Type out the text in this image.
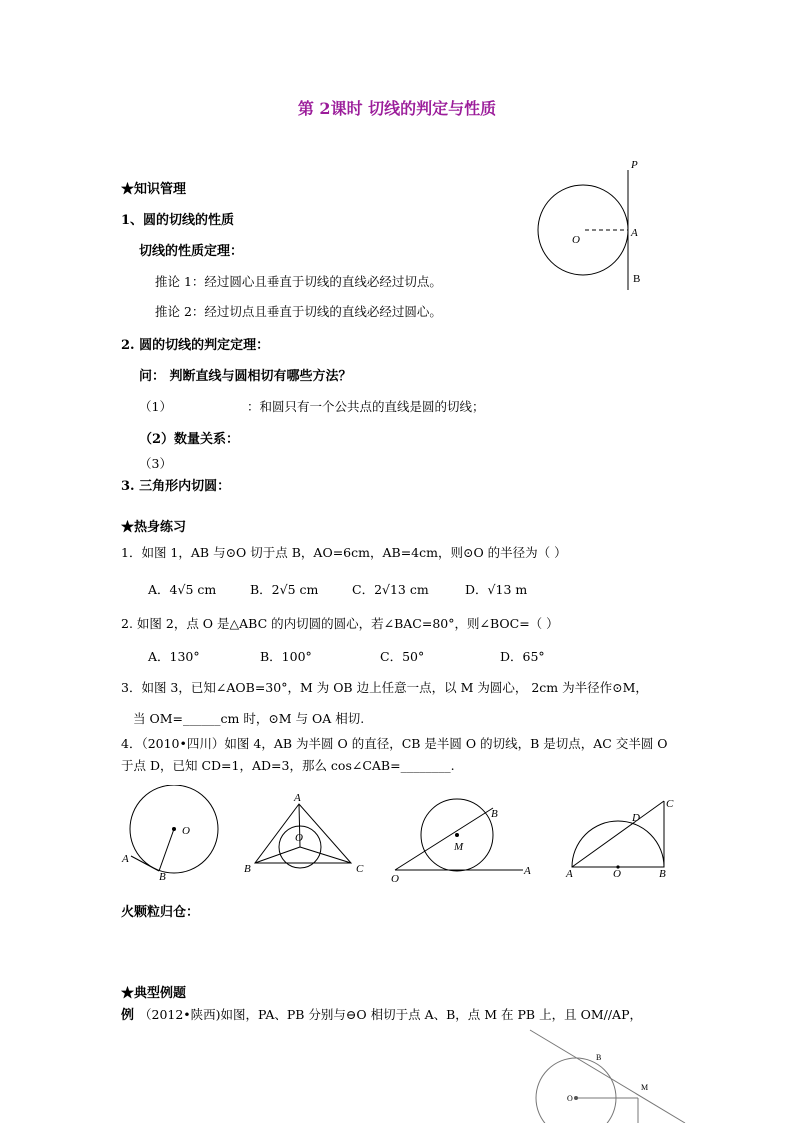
第 2课时 切线的判定与性质
P
O
A
B
★知识管理
1、圆的切线的性质
切线的性质定理：
推论 1：经过圆心且垂直于切线的直线必经过切点。
推论 2：经过切点且垂直于切线的直线必经过圆心。
2. 圆的切线的判定定理：
问： 判断直线与圆相切有哪些方法？
（1）	：和圆只有一个公共点的直线是圆的切线；
（2）数量关系：
（3）
3. 三角形内切圆：
★热身练习
1．如图 1，AB 与⊙O 切于点 B，AO=6cm，AB=4cm，则⊙O 的半径为（ ）
A．4√5 cm	B．2√5 cm	C．2√13 cm	D．√13 m
2. 如图 2，点 O 是△ABC 的内切圆的圆心，若∠BAC=80°，则∠BOC=（ ）
A．130°	B．100°	C．50°	D．65°
3．如图 3，已知∠AOB=30°，M 为 OB 边上任意一点，以 M 为圆心， 2cm 为半径作⊙M，
当 OM=______cm 时，⊙M 与 OA 相切.
4．（2010•四川）如图 4，AB 为半圆 O 的直径，CB 是半圆 O 的切线，B 是切点，AC 交半圆 O
于点 D，已知 CD=1，AD=3，那么 cos∠CAB=________.
O
A
B
A
O
B	C
B
M
O
A
C
D
A	O	B
火颗粒归仓：
★典型例题
例 （2012•陕西)如图，PA、PB 分别与⊖O 相切于点 A、B，点 M 在 PB 上，且 OM//AP，
B
M
O
